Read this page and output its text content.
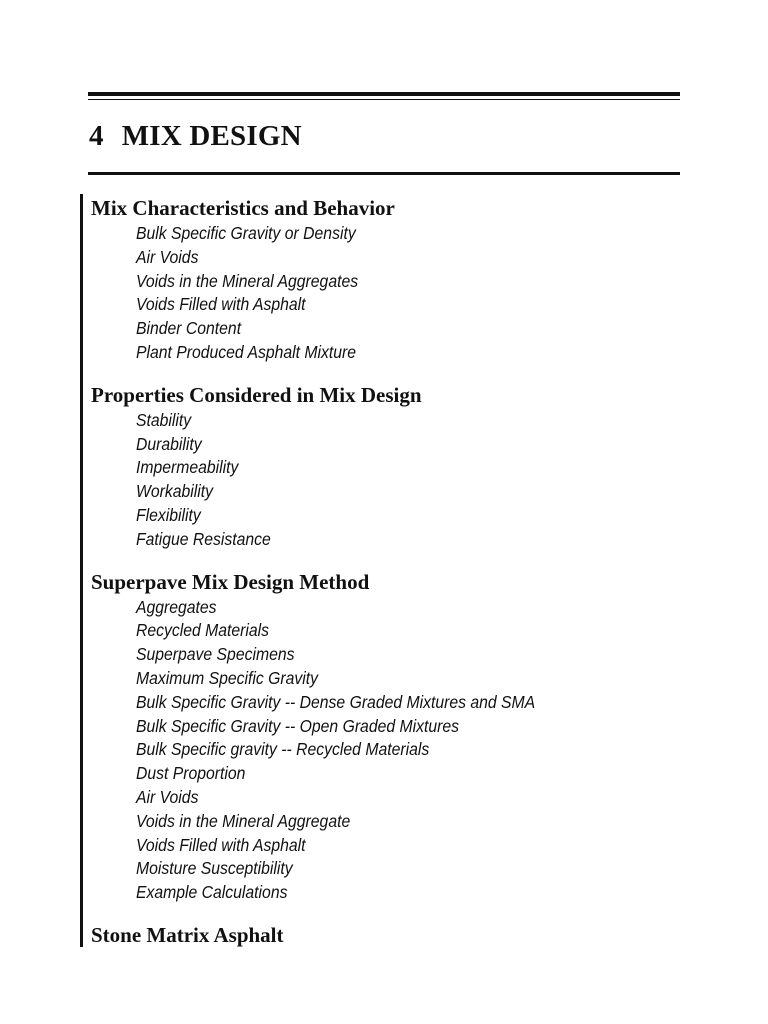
4 MIX DESIGN
Mix Characteristics and Behavior
Bulk Specific Gravity or Density
Air Voids
Voids in the Mineral Aggregates
Voids Filled with Asphalt
Binder Content
Plant Produced Asphalt Mixture
Properties Considered in Mix Design
Stability
Durability
Impermeability
Workability
Flexibility
Fatigue Resistance
Superpave Mix Design Method
Aggregates
Recycled Materials
Superpave Specimens
Maximum Specific Gravity
Bulk Specific Gravity -- Dense Graded Mixtures and SMA
Bulk Specific Gravity -- Open Graded Mixtures
Bulk Specific gravity -- Recycled Materials
Dust Proportion
Air Voids
Voids in the Mineral Aggregate
Voids Filled with Asphalt
Moisture Susceptibility
Example Calculations
Stone Matrix Asphalt
